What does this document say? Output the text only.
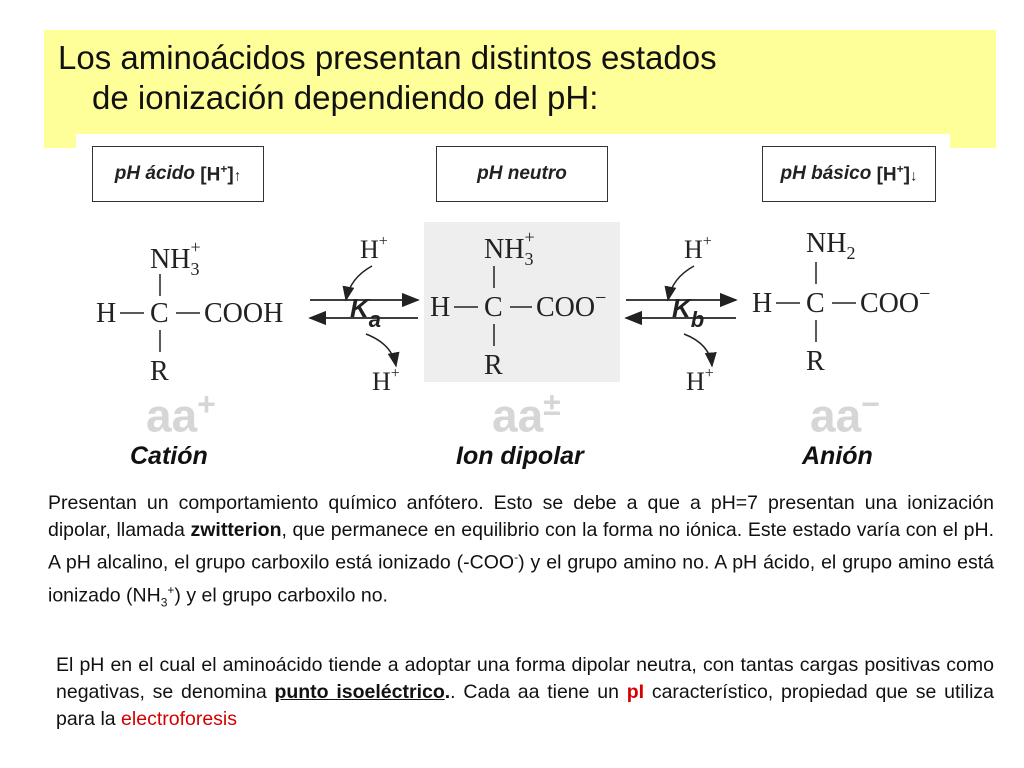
Los aminoácidos presentan distintos estados
de ionización dependiendo del pH:
pH ácido
[H+]↑	pH neutro	pH básico
[H+]↓
$NH_3+$
H C COOH
R
H+
$K_a$
H+
$NH_3+$
H C COO−
R
H+
$K_b$
H+
$NH_2$
H C COO−
R
aa+	aa±	aa−
Catión	Ion dipolar	Anión
Presentan un comportamiento químico anfótero. Esto se debe a que a pH=7 presentan una ionización dipolar, llamada zwitterion, que permanece en equilibrio con la forma no iónica. Este estado varía con el pH. A pH alcalino, el grupo carboxilo está ionizado (-COO-) y el grupo amino no. A pH ácido, el grupo amino está ionizado $(NH_3^+)$ y el grupo carboxilo no.
El pH en el cual el aminoácido tiende a adoptar una forma dipolar neutra, con tantas cargas positivas como negativas, se denomina punto isoeléctrico.. Cada aa tiene un pI característico, propiedad que se utiliza para la electroforesis
